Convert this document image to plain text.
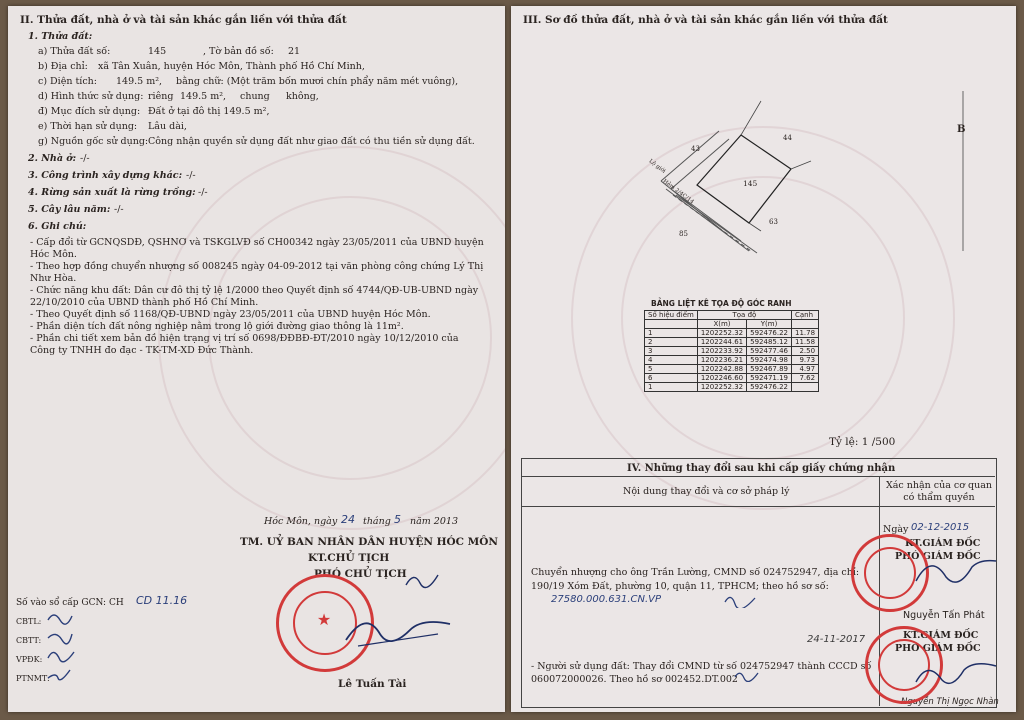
II. Thửa đất, nhà ở và tài sản khác gắn liền với thửa đất
1. Thửa đất:
a) Thửa đất số:	145	, Tờ bản đồ số: 21
b) Địa chỉ: xã Tân Xuân, huyện Hóc Môn, Thành phố Hồ Chí Minh,
c) Diện tích: 149.5 m², bằng chữ: (Một trăm bốn mươi chín phẩy năm mét vuông),
d) Hình thức sử dụng: riêng 149.5 m², chung không,
đ) Mục đích sử dụng: Đất ở tại đô thị 149.5 m²,
e) Thời hạn sử dụng: Lâu dài,
g) Nguồn gốc sử dụng: Công nhận quyền sử dụng đất như giao đất có thu tiền sử dụng đất.
2. Nhà ở: -/-
3. Công trình xây dựng khác: -/-
4. Rừng sản xuất là rừng trồng: -/-
5. Cây lâu năm: -/-
6. Ghi chú:
- Cấp đổi từ GCNQSDĐ, QSHNƠ và TSKGLVĐ số CH00342 ngày 23/05/2011 của UBND huyện Hóc Môn.
- Theo hợp đồng chuyển nhượng số 008245 ngày 04-09-2012 tại văn phòng công chứng Lý Thị Như Hòa.
- Chức năng khu đất: Dân cư đô thị tỷ lệ 1/2000 theo Quyết định số 4744/QĐ-UB-UBND ngày 22/10/2010 của UBND thành phố Hồ Chí Minh.
- Theo Quyết định số 1168/QĐ-UBND ngày 23/05/2011 của UBND huyện Hóc Môn.
- Phần diện tích đất nông nghiệp nằm trong lộ giới đường giao thông là 11m².
- Phần chi tiết xem bản đồ hiện trạng vị trí số 0698/ĐĐBĐ-ĐT/2010 ngày 10/12/2010 của Công ty TNHH đo đạc - TK-TM-XD Đức Thành.
Hóc Môn, ngày 24 tháng 5 năm 2013
TM. UỶ BAN NHÂN DÂN HUYỆN HÓC MÔN
KT.CHỦ TỊCH
PHÓ CHỦ TỊCH
Số vào sổ cấp GCN: CH CD 11.16
CBTL:
CBTT:
VPĐK:
PTNMT:
★
Lê Tuấn Tài
III. Sơ đồ thửa đất, nhà ở và tài sản khác gắn liền với thửa đất
43
44
145
85
63
Hẻm 2/4C/14
Lộ giới
B
BẢNG LIỆT KÊ TỌA ĐỘ GÓC RANH
Số hiệu điểm	Tọa độ		Cạnh
	X(m)	Y(m)	
1	1202252.32	592476.22	11.78
2	1202244.61	592485.12	11.58
3	1202233.92	592477.46	2.50
4	1202236.21	592474.98	9.73
5	1202242.88	592467.89	4.97
6	1202246.60	592471.19	7.62
1	1202252.32	592476.22	
Tỷ lệ: 1 /500
IV. Những thay đổi sau khi cấp giấy chứng nhận
Nội dung thay đổi và cơ sở pháp lý
Xác nhận của cơ quan có thẩm quyền
Ngày 02-12-2015
KT.GIÁM ĐỐC
PHÓ GIÁM ĐỐC
Chuyển nhượng cho ông Trần Lường, CMND số 024752947, địa chỉ: 190/19 Xóm Đất, phường 10, quận 11, TPHCM; theo hồ sơ số:
27580.000.631.CN.VP
Nguyễn Tấn Phát
24-11-2017	KT.GIÁM ĐỐC
PHÓ GIÁM ĐỐC
- Người sử dụng đất: Thay đổi CMND từ số 024752947 thành CCCD số 060072000026. Theo hồ sơ 002452.DT.002
Nguyễn Thị Ngọc Nhàn
